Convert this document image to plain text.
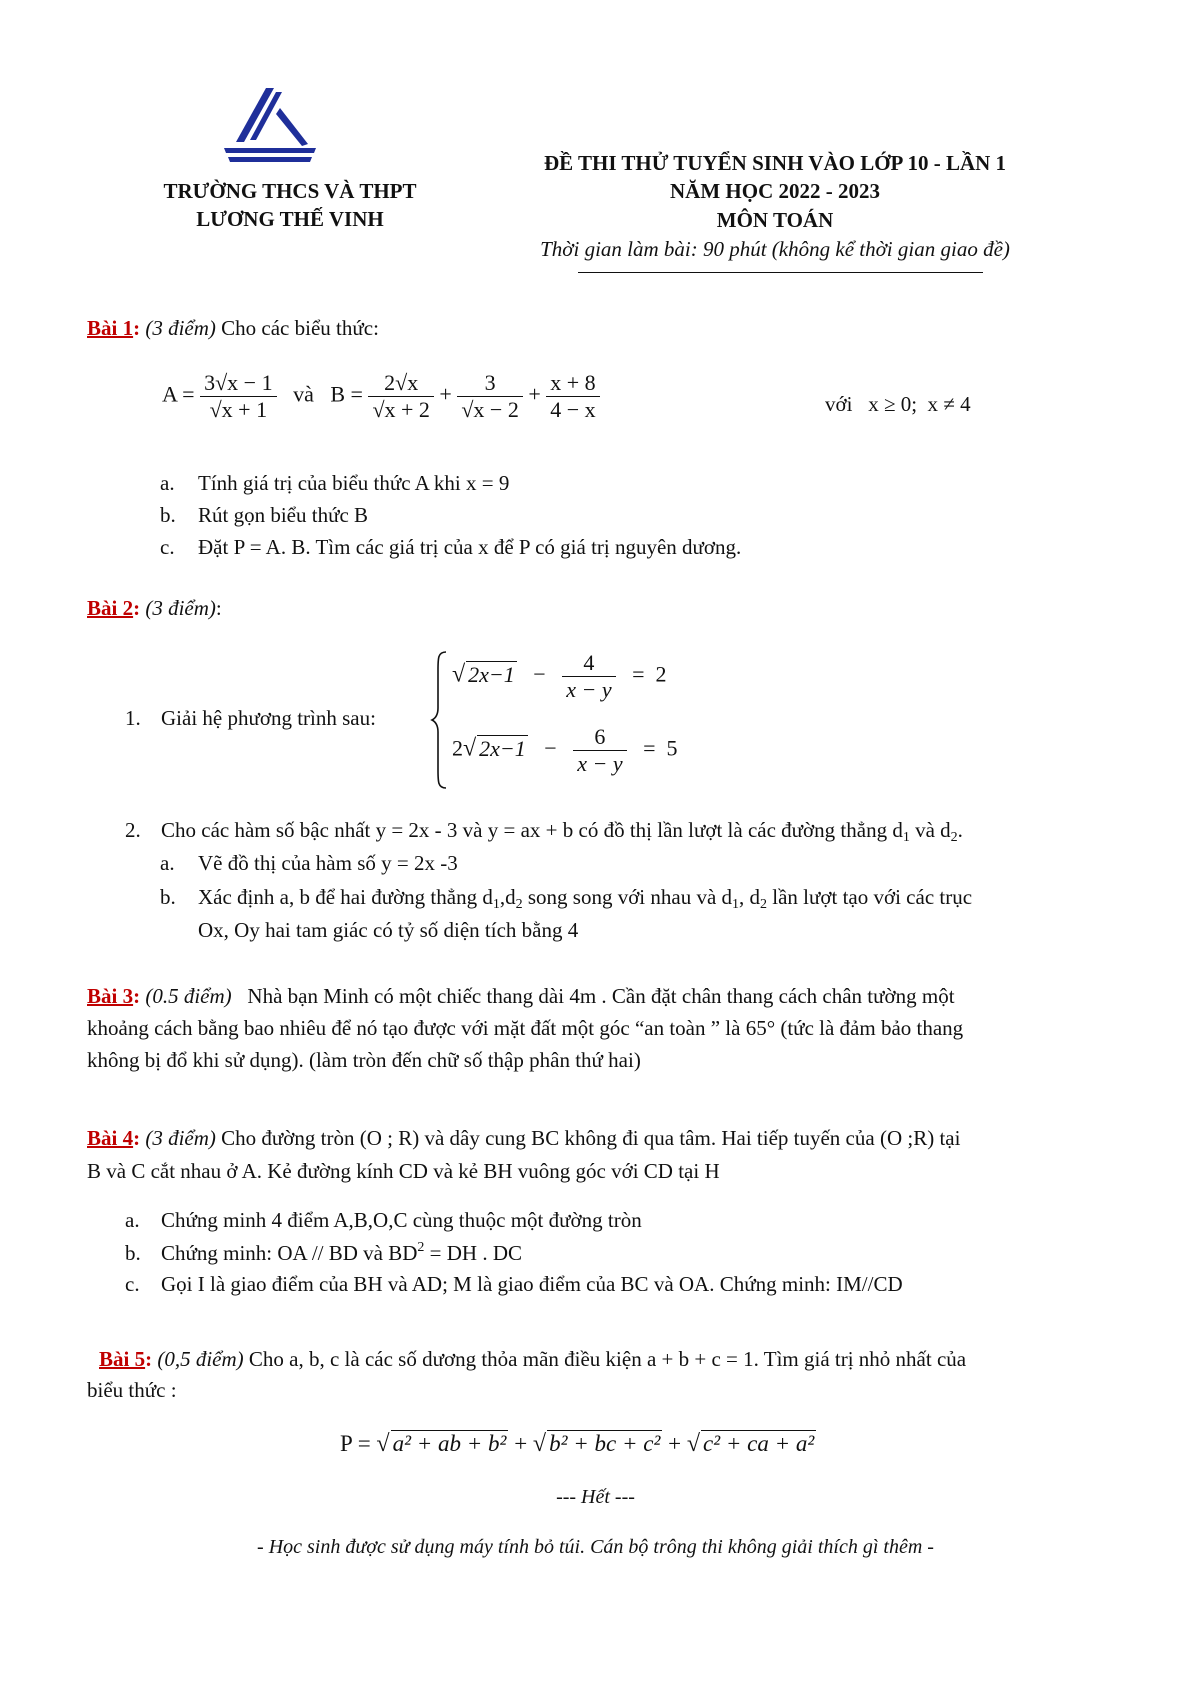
TRƯỜNG THCS VÀ THPT
LƯƠNG THẾ VINH
ĐỀ THI THỬ TUYỂN SINH VÀO LỚP 10 - LẦN 1
NĂM HỌC 2022 - 2023
MÔN TOÁN
Thời gian làm bài: 90 phút (không kể thời gian giao đề)
Bài 1: (3 điểm) Cho các biểu thức:
$A = \frac{3√x - 1}{√x + 1}$ và $B = \frac{2√x}{√x + 2} + \frac{3}{√x - 2} + \frac{x + 8}{4 - x}$	với   x ≥ 0;  x ≠ 4
a. Tính giá trị của biểu thức A khi x = 9
b. Rút gọn biểu thức B
c. Đặt P = A. B. Tìm các giá trị của x để P có giá trị nguyên dương.
Bài 2: (3 điểm):
1. Giải hệ phương trình sau:
√ $2x-1 - \frac{4}{x - y} = 2$
2√ $2x-1 - \frac{6}{x - y} = 5$
2. Cho các hàm số bậc nhất y = 2x - 3 và y = ax + b có đồ thị lần lượt là các đường thẳng $d_1$ và $d_2$.
a. Vẽ đồ thị của hàm số y = 2x -3
b. Xác định a, b để hai đường thẳng $d_1,d_2$ song song với nhau và $d_1$, $d_2$ lần lượt tạo với các trục
Ox, Oy hai tam giác có tỷ số diện tích bằng 4
Bài 3: (0.5 điểm) Nhà bạn Minh có một chiếc thang dài 4m . Cần đặt chân thang cách chân tường một
khoảng cách bằng bao nhiêu để nó tạo được với mặt đất một góc “an toàn ” là 65° (tức là đảm bảo thang
không bị đổ khi sử dụng). (làm tròn đến chữ số thập phân thứ hai)
Bài 4: (3 điểm) Cho đường tròn (O ; R) và dây cung BC không đi qua tâm. Hai tiếp tuyến của (O ;R) tại
B và C cắt nhau ở A. Kẻ đường kính CD và kẻ BH vuông góc với CD tại H
a. Chứng minh 4 điểm A,B,O,C cùng thuộc một đường tròn
b. Chứng minh: OA // BD và $BD^2$ = DH . DC
c. Gọi I là giao điểm của BH và AD; M là giao điểm của BC và OA. Chứng minh: IM//CD
Bài 5: (0,5 điểm) Cho a, b, c là các số dương thỏa mãn điều kiện a + b + c = 1. Tìm giá trị nhỏ nhất của
biểu thức :
P = √ a² + ab + b² + √ b² + bc + c² + √ c² + ca + a²
--- Hết ---
- Học sinh được sử dụng máy tính bỏ túi. Cán bộ trông thi không giải thích gì thêm -
